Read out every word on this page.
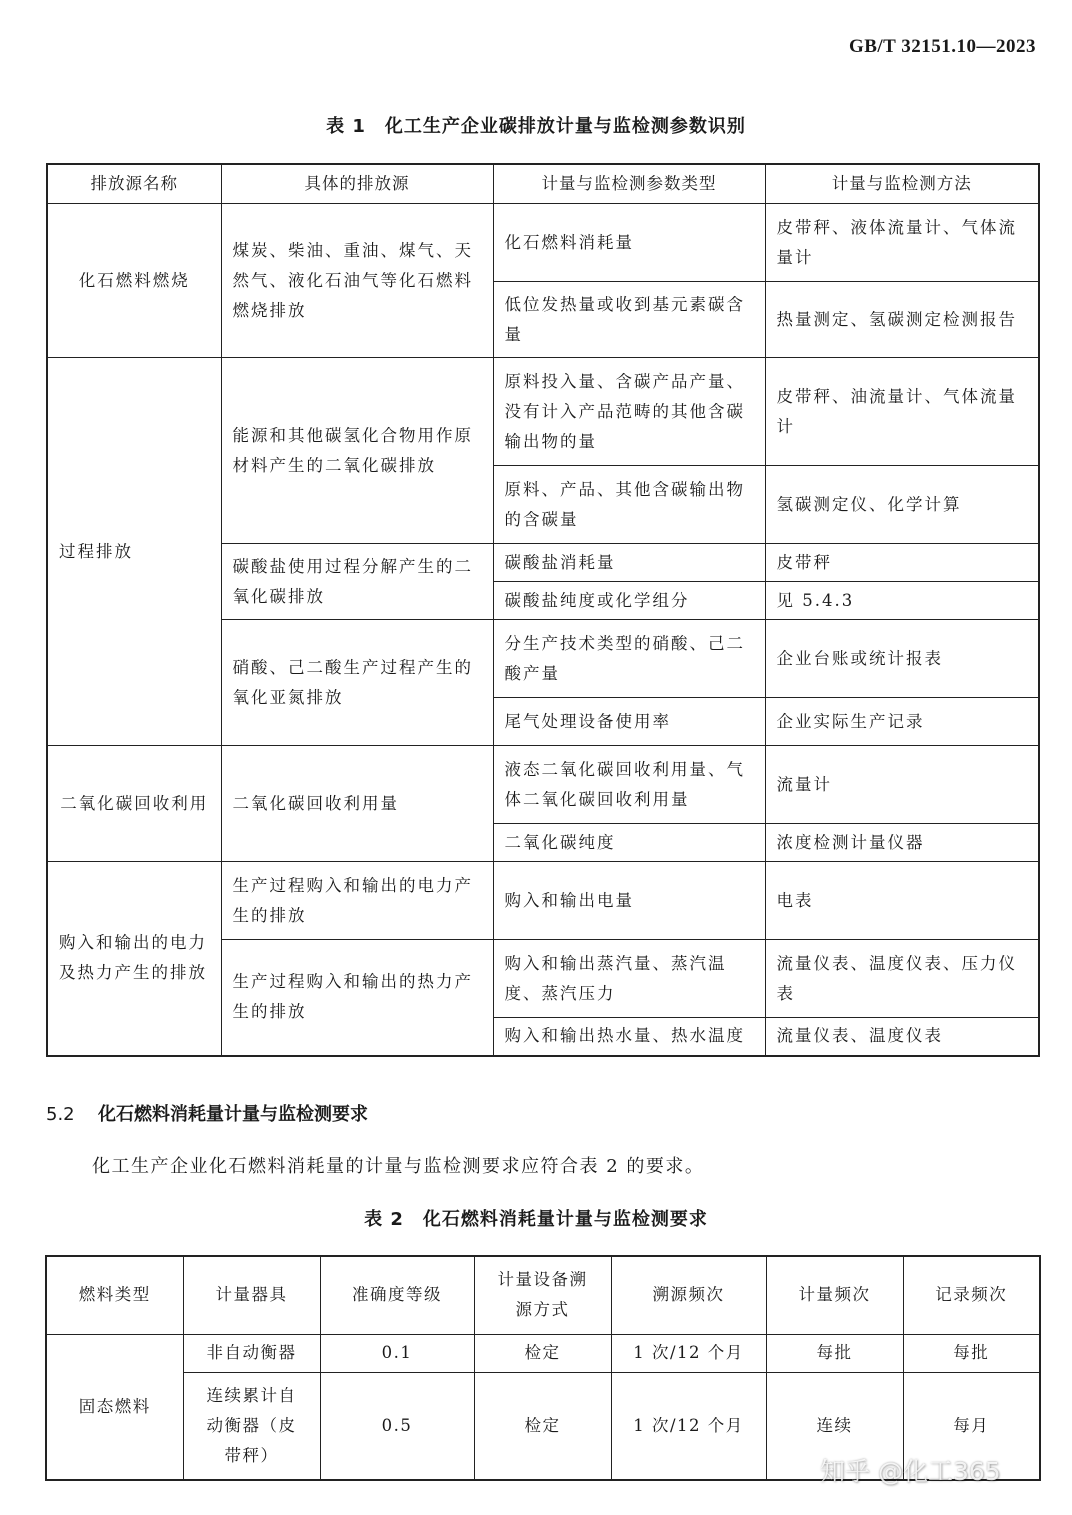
GB/T 32151.10—2023
表 1　化工生产企业碳排放计量与监检测参数识别
排放源名称	具体的排放源	计量与监检测参数类型	计量与监检测方法
化石燃料燃烧	煤炭、柴油、重油、煤气、天然气、液化石油气等化石燃料燃烧排放	化石燃料消耗量	皮带秤、液体流量计、气体流量计
		低位发热量或收到基元素碳含量	热量测定、氢碳测定检测报告
过程排放	能源和其他碳氢化合物用作原材料产生的二氧化碳排放	原料投入量、含碳产品产量、没有计入产品范畴的其他含碳输出物的量	皮带秤、油流量计、气体流量计
		原料、产品、其他含碳输出物的含碳量	氢碳测定仪、化学计算
	碳酸盐使用过程分解产生的二氧化碳排放	碳酸盐消耗量	皮带秤
		碳酸盐纯度或化学组分	见 5.4.3
	硝酸、己二酸生产过程产生的氧化亚氮排放	分生产技术类型的硝酸、己二酸产量	企业台账或统计报表
		尾气处理设备使用率	企业实际生产记录
二氧化碳回收利用	二氧化碳回收利用量	液态二氧化碳回收利用量、气体二氧化碳回收利用量	流量计
		二氧化碳纯度	浓度检测计量仪器
购入和输出的电力及热力产生的排放	生产过程购入和输出的电力产生的排放	购入和输出电量	电表
	生产过程购入和输出的热力产生的排放	购入和输出蒸汽量、蒸汽温度、蒸汽压力	流量仪表、温度仪表、压力仪表
		购入和输出热水量、热水温度	流量仪表、温度仪表
5.2 化石燃料消耗量计量与监检测要求
化工生产企业化石燃料消耗量的计量与监检测要求应符合表 2 的要求。
表 2　化石燃料消耗量计量与监检测要求
燃料类型	计量器具	准确度等级	计量设备溯源方式	溯源频次	计量频次	记录频次
固态燃料	非自动衡器	0.1	检定	1 次/12 个月	每批	每批

	连续累计自动衡器（皮带秤）	0.5	检定	1 次/12 个月	连续	每月
知乎 @化工365
